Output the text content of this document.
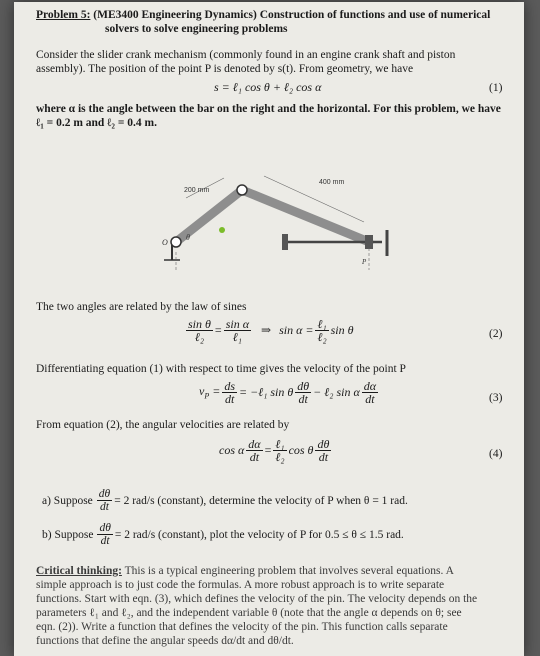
Problem 5: (ME3400 Engineering Dynamics) Construction of functions and use of numerical
solvers to solve engineering problems
Consider the slider crank mechanism (commonly found in an engine crank shaft and piston
assembly). The position of the point P is denoted by s(t). From geometry, we have
s = ℓ₁ cos θ + ℓ₂ cos α	(1)
where α is the angle between the bar on the right and the horizontal. For this problem, we have
ℓ₁ = 0.2 m and ℓ₂ = 0.4 m.
200 mm
400 mm
O
θ
P
The two angles are related by the law of sines
$\frac{\text{sin θ}}{\text{ℓ₂}} = \frac{\text{sin α}}{\text{ℓ₁}}$ ⇒ $\sin \alpha = \frac{\text{ℓ₁}}{\text{ℓ₂}}$ sin θ	(2)
Differentiating equation (1) with respect to time gives the velocity of the point P
$v_P = \frac{ds}{dt}$ = −ℓ₁ sin θ $\frac{d\theta}{dt}$ − ℓ₂ sin α $\frac{d\alpha}{dt}$	(3)
From equation (2), the angular velocities are related by
cos α $\frac{d\alpha}{dt} = \frac{\text{ℓ₁}}{\text{ℓ₂}}$ cos θ $\frac{d\theta}{dt}$	(4)
a) Suppose $\frac{d\theta}{dt} = 2$ rad/s (constant), determine the velocity of P when θ = 1 rad.
b) Suppose $\frac{d\theta}{dt} = 2$ rad/s (constant), plot the velocity of P for 0.5 ≤ θ ≤ 1.5 rad.
Critical thinking: This is a typical engineering problem that involves several equations. A
simple approach is to just code the formulas. A more robust approach is to write separate
functions. Start with eqn. (3), which defines the velocity of the pin. The velocity depends on the
parameters ℓ₁ and ℓ₂, and the independent variable θ (note that the angle α depends on θ; see
eqn. (2)). Write a function that defines the velocity of the pin. This function calls separate
functions that define the angular speeds dα/dt and dθ/dt.
